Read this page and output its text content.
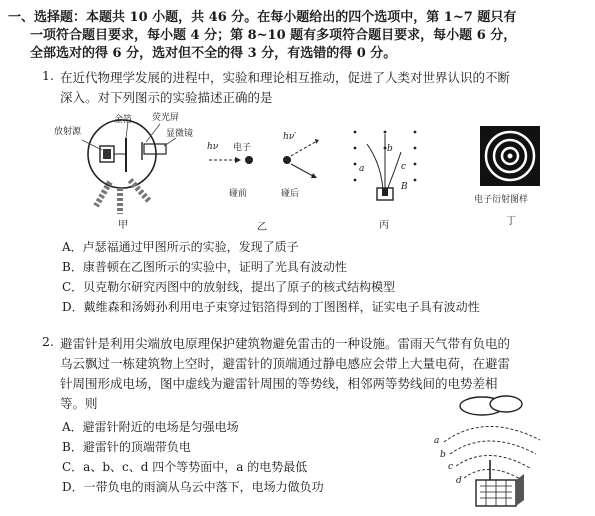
一、选择题：本题共 10 小题，共 46 分。在每小题给出的四个选项中，第 1~7 题只有
一项符合题目要求，每小题 4 分；第 8~10 题有多项符合题目要求，每小题 6 分，
全部选对的得 6 分，选对但不全的得 3 分，有选错的得 0 分。
1. 在近代物理学发展的进程中，实验和理论相互推动，促进了人类对世界认识的不断
深入。对下列图示的实验描述正确的是
放射源
金箔 荧光屏
显微镜
甲
hν 电子
hν′
碰前	碰后
乙
a
b
c
B
丙
电子衍射图样
丁
A．卢瑟福通过甲图所示的实验，发现了质子
B．康普顿在乙图所示的实验中，证明了光具有波动性
C．贝克勒尔研究丙图中的放射线，提出了原子的核式结构模型
D．戴维森和汤姆孙利用电子束穿过铝箔得到的丁图图样，证实电子具有波动性
2. 避雷针是利用尖端放电原理保护建筑物避免雷击的一种设施。雷雨天气带有负电的
乌云飘过一栋建筑物上空时，避雷针的顶端通过静电感应会带上大量电荷，在避雷
针周围形成电场，图中虚线为避雷针周围的等势线，相邻两等势线间的电势差相
等。则
A．避雷针附近的电场是匀强电场
B．避雷针的顶端带负电
C．a、b、c、d 四个等势面中，a 的电势最低
D．一带负电的雨滴从乌云中落下，电场力做负功
a
b
c
d
